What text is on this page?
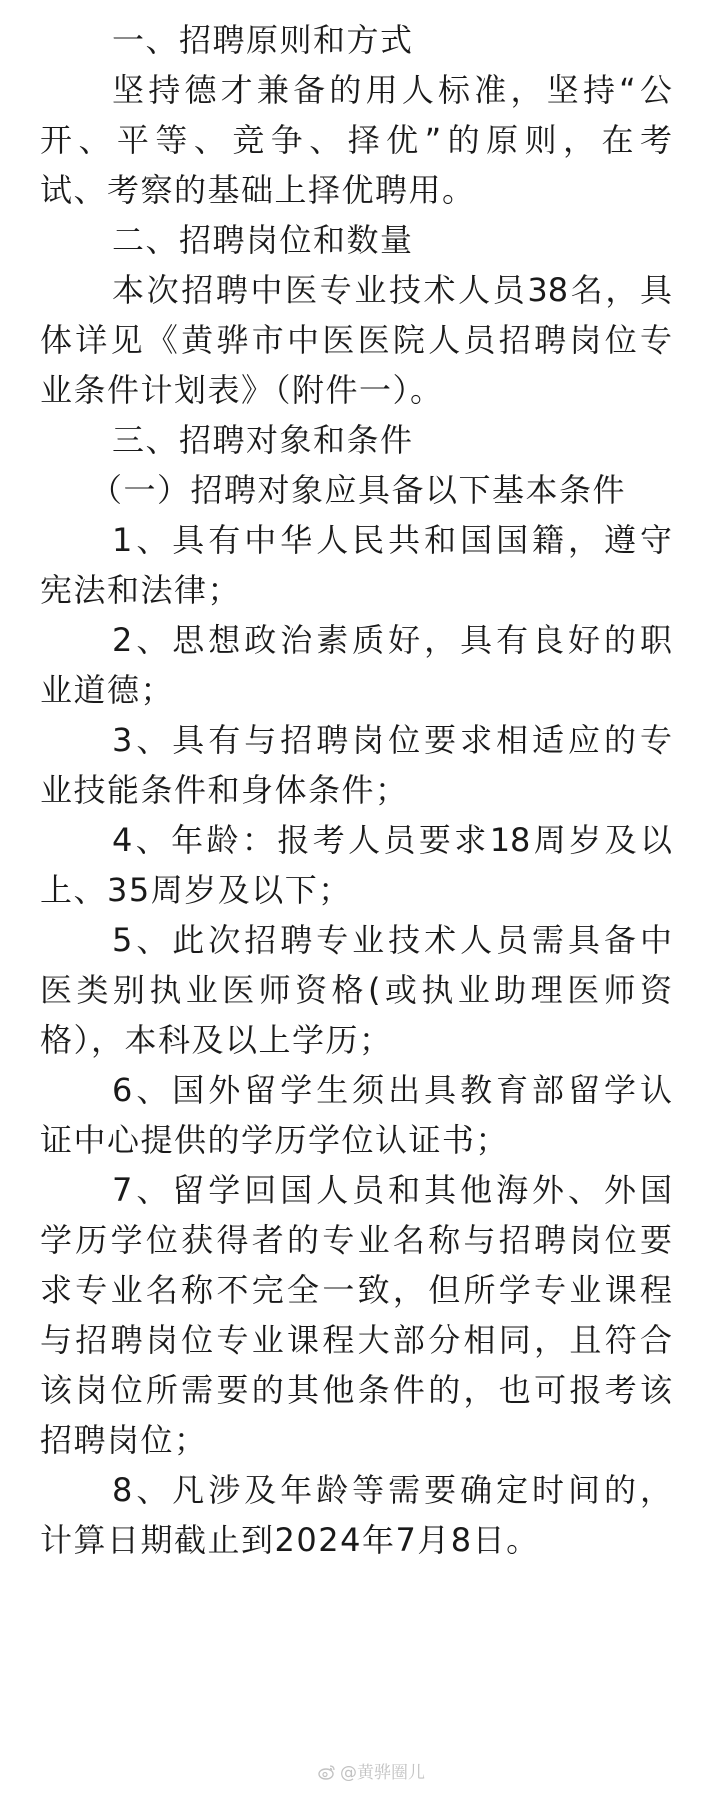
一、招聘原则和方式
坚持德才兼备的用人标准，坚持“公
开、平等、竞争、择优”的原则，在考
试、考察的基础上择优聘用。
二、招聘岗位和数量
本次招聘中医专业技术人员38名，具
体详见《黄骅市中医医院人员招聘岗位专
业条件计划表》（附件一）。
三、招聘对象和条件
（一）招聘对象应具备以下基本条件
1、具有中华人民共和国国籍，遵守
宪法和法律；
2、思想政治素质好，具有良好的职
业道德；
3、具有与招聘岗位要求相适应的专
业技能条件和身体条件；
4、年龄：报考人员要求18周岁及以
上、35周岁及以下；
5、此次招聘专业技术人员需具备中
医类别执业医师资格(或执业助理医师资
格），本科及以上学历；
6、国外留学生须出具教育部留学认
证中心提供的学历学位认证书；
7、留学回国人员和其他海外、外国
学历学位获得者的专业名称与招聘岗位要
求专业名称不完全一致，但所学专业课程
与招聘岗位专业课程大部分相同，且符合
该岗位所需要的其他条件的，也可报考该
招聘岗位；
8、凡涉及年龄等需要确定时间的，
计算日期截止到2024年7月8日。
@黄骅圈儿
